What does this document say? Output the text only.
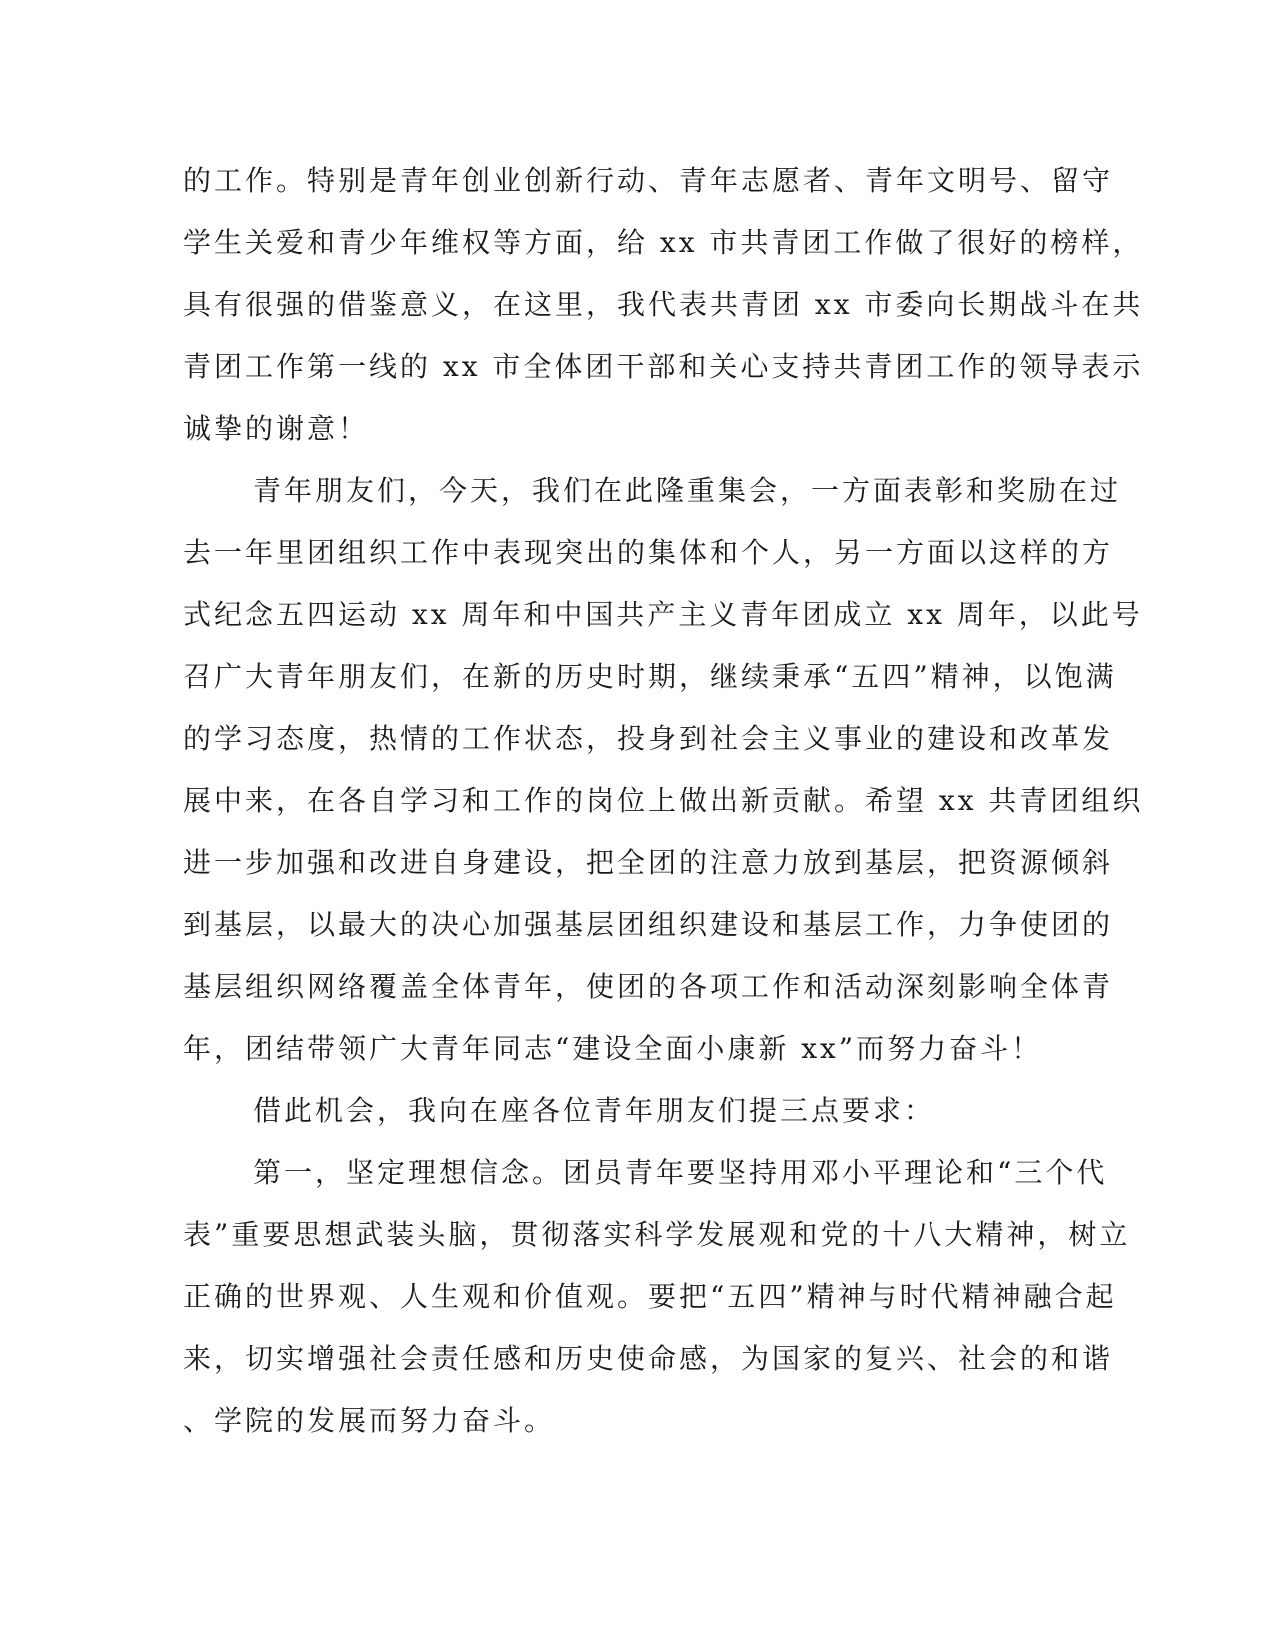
的工作。特别是青年创业创新行动、青年志愿者、青年文明号、留守
学生关爱和青少年维权等方面，给 xx 市共青团工作做了很好的榜样，
具有很强的借鉴意义，在这里，我代表共青团 xx 市委向长期战斗在共
青团工作第一线的 xx 市全体团干部和关心支持共青团工作的领导表示
诚挚的谢意！
青年朋友们，今天，我们在此隆重集会，一方面表彰和奖励在过
去一年里团组织工作中表现突出的集体和个人，另一方面以这样的方
式纪念五四运动 xx 周年和中国共产主义青年团成立 xx 周年，以此号
召广大青年朋友们，在新的历史时期，继续秉承“五四”精神，以饱满
的学习态度，热情的工作状态，投身到社会主义事业的建设和改革发
展中来，在各自学习和工作的岗位上做出新贡献。希望 xx 共青团组织
进一步加强和改进自身建设，把全团的注意力放到基层，把资源倾斜
到基层，以最大的决心加强基层团组织建设和基层工作，力争使团的
基层组织网络覆盖全体青年，使团的各项工作和活动深刻影响全体青
年，团结带领广大青年同志“建设全面小康新 xx”而努力奋斗！
借此机会，我向在座各位青年朋友们提三点要求：
第一，坚定理想信念。团员青年要坚持用邓小平理论和“三个代
表”重要思想武装头脑，贯彻落实科学发展观和党的十八大精神，树立
正确的世界观、人生观和价值观。要把“五四”精神与时代精神融合起
来，切实增强社会责任感和历史使命感，为国家的复兴、社会的和谐
、学院的发展而努力奋斗。
